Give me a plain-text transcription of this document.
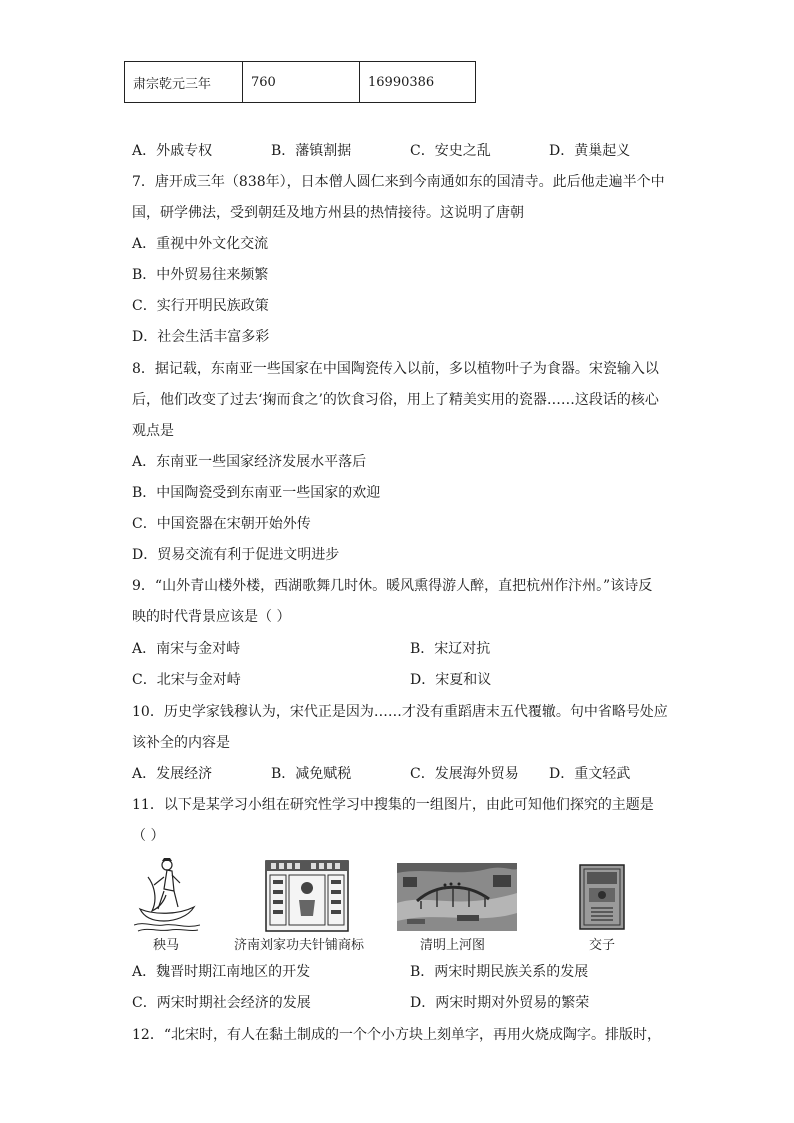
肃宗乾元三年	760	16990386
A．外戚专权	B．藩镇割据	C．安史之乱	D．黄巢起义
7．唐开成三年（838年），日本僧人圆仁来到今南通如东的国清寺。此后他走遍半个中
国，研学佛法，受到朝廷及地方州县的热情接待。这说明了唐朝
A．重视中外文化交流
B．中外贸易往来频繁
C．实行开明民族政策
D．社会生活丰富多彩
8．据记载，东南亚一些国家在中国陶瓷传入以前，多以植物叶子为食器。宋瓷输入以
后，他们改变了过去‘掬而食之’的饮食习俗，用上了精美实用的瓷器……这段话的核心
观点是
A．东南亚一些国家经济发展水平落后
B．中国陶瓷受到东南亚一些国家的欢迎
C．中国瓷器在宋朝开始外传
D．贸易交流有利于促进文明进步
9．“山外青山楼外楼，西湖歌舞几时休。暖风熏得游人醉，直把杭州作汴州。”该诗反
映的时代背景应该是（ ）
A．南宋与金对峙	B．宋辽对抗
C．北宋与金对峙	D．宋夏和议
10．历史学家钱穆认为，宋代正是因为……才没有重蹈唐末五代覆辙。句中省略号处应
该补全的内容是
A．发展经济	B．减免赋税	C．发展海外贸易 D．重文轻武
11．以下是某学习小组在研究性学习中搜集的一组图片，由此可知他们探究的主题是
（ ）
秧马	济南刘家功夫针铺商标	清明上河图	交子
A．魏晋时期江南地区的开发	B．两宋时期民族关系的发展
C．两宋时期社会经济的发展	D．两宋时期对外贸易的繁荣
12．“北宋时，有人在黏土制成的一个个小方块上刻单字，再用火烧成陶字。排版时，
